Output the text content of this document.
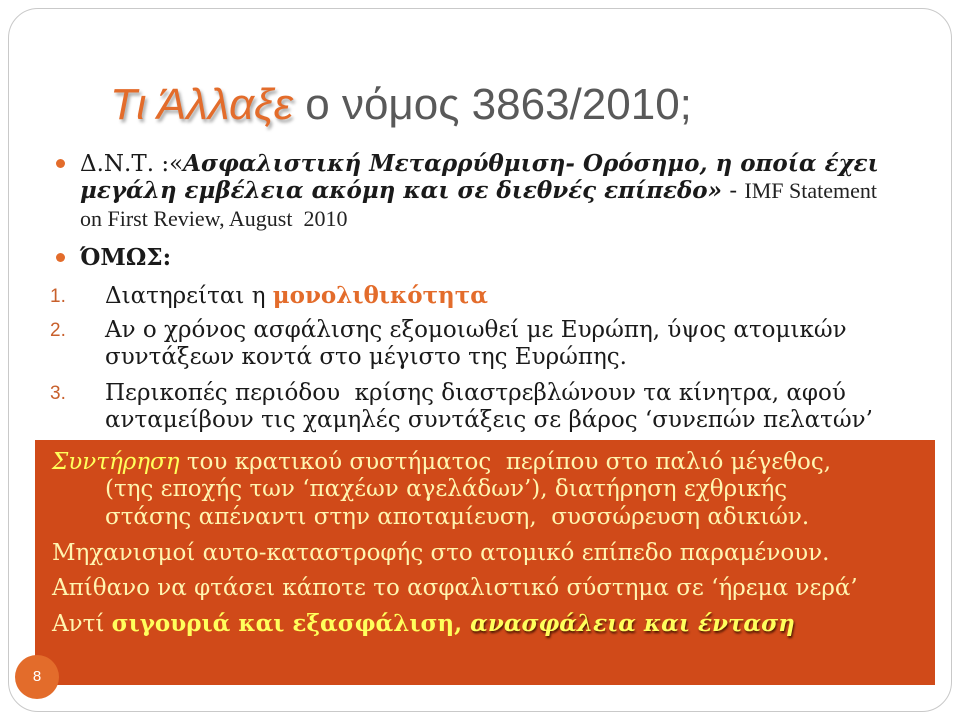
Τι Άλλαξε ο νόμος 3863/2010;
Δ.Ν.Τ. :«Ασφαλιστική Μεταρρύθμιση- Ορόσημο, η οποία έχει
μεγάλη εμβέλεια ακόμη και σε διεθνές επίπεδο» - IMF Statement
on First Review, August  2010
ΌΜΩΣ:
1. Διατηρείται η μονολιθικότητα
2. Αν ο χρόνος ασφάλισης εξομοιωθεί με Ευρώπη, ύψος ατομικών
συντάξεων κοντά στο μέγιστο της Ευρώπης.
3. Περικοπές περιόδου  κρίσης διαστρεβλώνουν τα κίνητρα, αφού
ανταμείβουν τις χαμηλές συντάξεις σε βάρος ‘συνεπών πελατών’
Συντήρηση του κρατικού συστήματος  περίπου στο παλιό μέγεθος,
(της εποχής των ‘παχέων αγελάδων’), διατήρηση εχθρικής
στάσης απέναντι στην αποταμίευση,  συσσώρευση αδικιών.
Μηχανισμοί αυτο-καταστροφής στο ατομικό επίπεδο παραμένουν.
Απίθανο να φτάσει κάποτε το ασφαλιστικό σύστημα σε ‘ήρεμα νερά’
Αντί σιγουριά και εξασφάλιση, ανασφάλεια και ένταση
8
